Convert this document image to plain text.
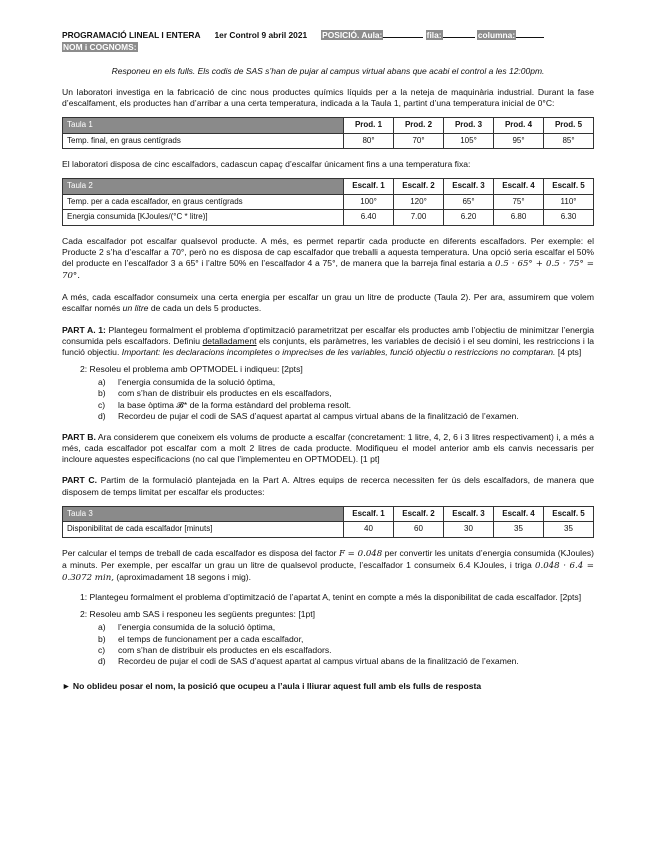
PROGRAMACIÓ LINEAL I ENTERA 1er Control 9 abril 2021 POSICIÓ. Aula:	fila:	columna:
NOM i COGNOMS:
Responeu en els fulls. Els codis de SAS s’han de pujar al campus virtual abans que acabi el control a les 12:00pm.

Un laboratori investiga en la fabricació de cinc nous productes químics líquids per a la neteja de maquinària industrial. Durant la fase d’escalfament, els productes han d’arribar a una certa temperatura, indicada a la Taula 1, partint d’una temperatura inicial de 0°C:

Taula 1	Prod. 1	Prod. 2	Prod. 3	Prod. 4	Prod. 5
Temp. final, en graus centígrads	80°	70°	105°	95°	85°

El laboratori disposa de cinc escalfadors, cadascun capaç d’escalfar únicament fins a una temperatura fixa:

Taula 2	Escalf. 1	Escalf. 2	Escalf. 3	Escalf. 4	Escalf. 5
Temp. per a cada escalfador, en graus centígrads	100°	120°	65°	75°	110°
Energia consumida [KJoules/(°C * litre)]	6.40	7.00	6.20	6.80	6.30

Cada escalfador pot escalfar qualsevol producte. A més, es permet repartir cada producte en diferents escalfadors. Per exemple: el Producte 2 s’ha d’escalfar a 70°, però no es disposa de cap escalfador que treballi a aquesta temperatura. Una opció seria escalfar el 50% del producte en l’escalfador 3 a 65° i l’altre 50% en l’escalfador 4 a 75°, de manera que la barreja final estaria a 0.5 · 65° + 0.5 · 75° = 70°.

A més, cada escalfador consumeix una certa energia per escalfar un grau un litre de producte (Taula 2). Per ara, assumirem que volem escalfar només un litre de cada un dels 5 productes.

PART A. 1: Plantegeu formalment el problema d’optimització parametritzat per escalfar els productes amb l’objectiu de minimitzar l’energia consumida pels escalfadors. Definiu detalladament els conjunts, els paràmetres, les variables de decisió i el seu domini, les restriccions i la funció objectiu. Important: les declaracions incompletes o imprecises de les variables, funció objectiu o restriccions no comptaran. [4 pts]
2: Resoleu el problema amb OPTMODEL i indiqueu: [2pts]
a)	l’energia consumida de la solució òptima,
b)	com s’han de distribuir els productes en els escalfadors,
c)	la base òptima 𝓑* de la forma estàndard del problema resolt.
d)	Recordeu de pujar el codi de SAS d’aquest apartat al campus virtual abans de la finalització de l’examen.
PART B. Ara considerem que coneixem els volums de producte a escalfar (concretament: 1 litre, 4, 2, 6 i 3 litres respectivament) i, a més a més, cada escalfador pot escalfar com a molt 2 litres de cada producte. Modifiqueu el model anterior amb els canvis necessaris per incloure aquestes especificacions (no cal que l’implementeu en OPTMODEL). [1 pt]
PART C. Partim de la formulació plantejada en la Part A. Altres equips de recerca necessiten fer ús dels escalfadors, de manera que disposem de temps limitat per escalfar els productes:
Taula 3	Escalf. 1	Escalf. 2	Escalf. 3	Escalf. 4	Escalf. 5
Disponibilitat de cada escalfador [minuts]	40	60	30	35	35

Per calcular el temps de treball de cada escalfador es disposa del factor F = 0.048 per convertir les unitats d’energia consumida (KJoules) a minuts. Per exemple, per escalfar un grau un litre de qualsevol producte, l’escalfador 1 consumeix 6.4 KJoules, i triga 0.048 · 6.4 = 0.3072 min, (aproximadament 18 segons i mig).

1: Plantegeu formalment el problema d’optimització de l’apartat A, tenint en compte a més la disponibilitat de cada escalfador. [2pts]
2: Resoleu amb SAS i responeu les següents preguntes: [1pt]
a)	l’energia consumida de la solució òptima,
b)	el temps de funcionament per a cada escalfador,
c)	com s’han de distribuir els productes en els escalfadors.
d)	Recordeu de pujar el codi de SAS d’aquest apartat al campus virtual abans de la finalització de l’examen.
► No oblideu posar el nom, la posició que ocupeu a l’aula i lliurar aquest full amb els fulls de resposta
